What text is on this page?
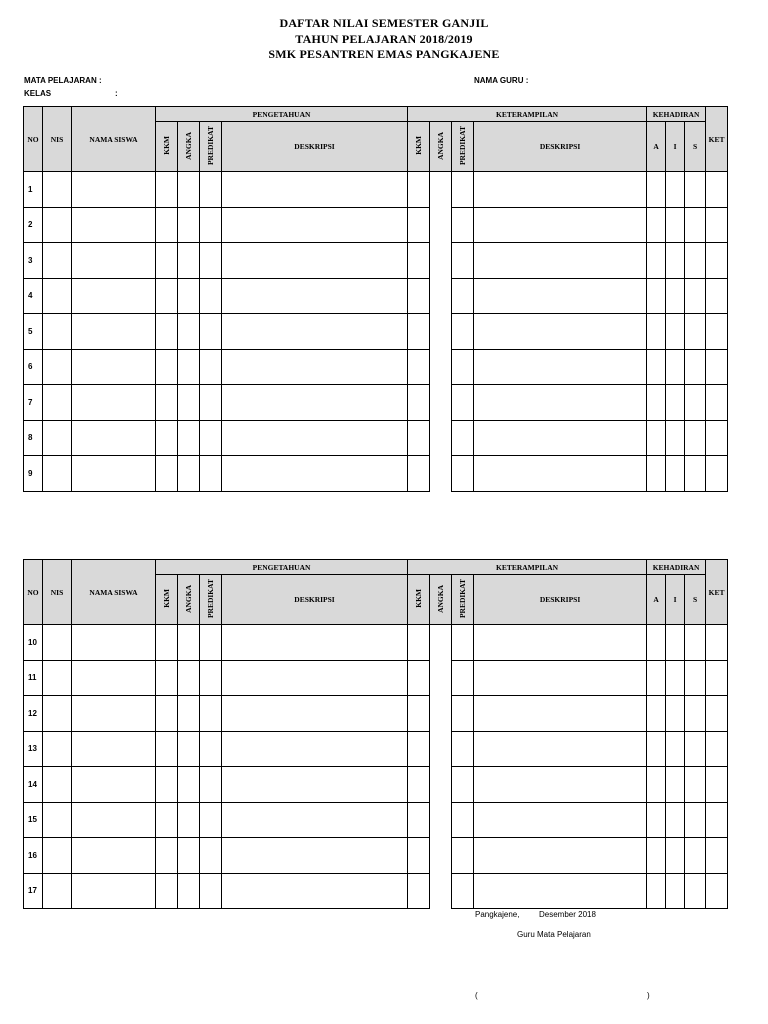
DAFTAR NILAI SEMESTER GANJIL
TAHUN PELAJARAN 2018/2019
SMK PESANTREN EMAS PANGKAJENE
MATA PELAJARAN :
KELAS	:
NAMA GURU :
NO	NIS	NAMA SISWA	PENGETAHUAN				KETERAMPILAN				KEHADIRAN			KET
			KKM	ANGKA	PREDIKAT	DESKRIPSI	KKM	ANGKA	PREDIKAT	DESKRIPSI	A	I	S	
1														
2														
3														
4														
5														
6														
7														
8														
9														
NO	NIS	NAMA SISWA	PENGETAHUAN				KETERAMPILAN				KEHADIRAN			KET
			KKM	ANGKA	PREDIKAT	DESKRIPSI	KKM	ANGKA	PREDIKAT	DESKRIPSI	A	I	S	
10														
11														
12														
13														
14														
15														
16														
17														
Pangkajene, Desember 2018
Guru Mata Pelajaran
(	)
